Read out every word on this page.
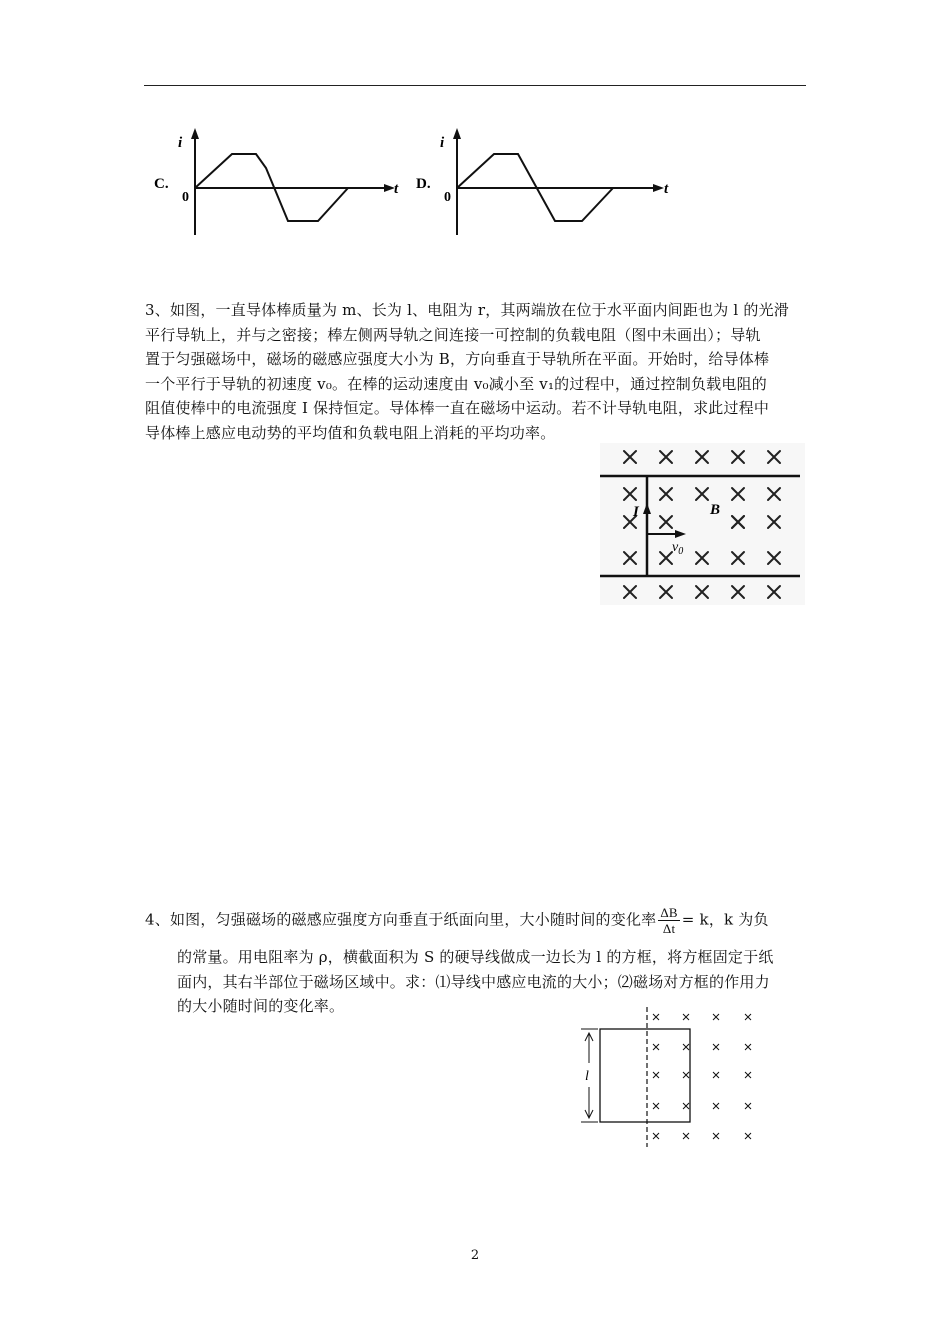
C.
i
t
0
D.
i
t
0
3、如图，一直导体棒质量为 m、长为 l、电阻为 r，其两端放在位于水平面内间距也为 l 的光滑
平行导轨上，并与之密接；棒左侧两导轨之间连接一可控制的负载电阻（图中未画出）；导轨
置于匀强磁场中，磁场的磁感应强度大小为 B，方向垂直于导轨所在平面。开始时，给导体棒
一个平行于导轨的初速度 v₀。在棒的运动速度由 v₀减小至 v₁的过程中，通过控制负载电阻的
阻值使棒中的电流强度 I 保持恒定。导体棒一直在磁场中运动。若不计导轨电阻，求此过程中
导体棒上感应电动势的平均值和负载电阻上消耗的平均功率。
I	B
$v_0$
4、如图，匀强磁场的磁感应强度方向垂直于纸面向里，大小随时间的变化率 $\frac{\Delta B}{\Delta t} = k$，k 为负
的常量。用电阻率为 ρ，横截面积为 S 的硬导线做成一边长为 l 的方框，将方框固定于纸
面内，其右半部位于磁场区域中。求：⑴导线中感应电流的大小；⑵磁场对方框的作用力
的大小随时间的变化率。
l
2
